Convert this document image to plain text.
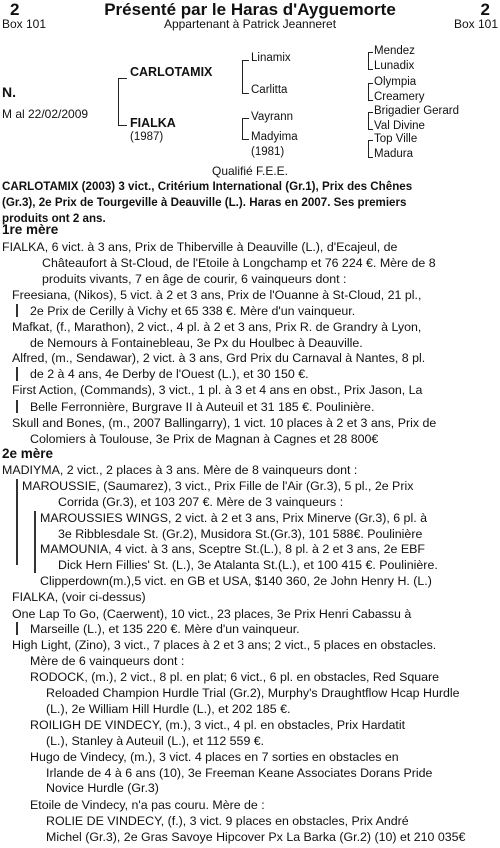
2	Présenté par le Haras d'Ayguemorte	2
Box 101	Appartenant à Patrick Jeanneret	Box 101
N.
M al 22/02/2009
CARLOTAMIX
FIALKA
(1987)
Linamix
Carlitta
Vayrann
Madyima
(1981)
Mendez
Lunadix
Olympia
Creamery
Brigadier Gerard
Val Divine
Top Ville
Madura
Qualifié F.E.E.

CARLOTAMIX (2003) 3 vict., Critérium International (Gr.1), Prix des Chênes

(Gr.3), 2e Prix de Tourgeville à Deauville (L.). Haras en 2007. Ses premiers

produits ont 2 ans.

1re mère

FIALKA, 6 vict. à 3 ans, Prix de Thiberville à Deauville (L.), d'Ecajeul, de

Châteaufort à St-Cloud, de l'Etoile à Longchamp et 76 224 €. Mère de 8

produits vivants, 7 en âge de courir, 6 vainqueurs dont :

Freesiana, (Nikos), 5 vict. à 2 et 3 ans, Prix de l'Ouanne à St-Cloud, 21 pl.,

2e Prix de Cerilly à Vichy et 65 338 €. Mère d'un vainqueur.

Mafkat, (f., Marathon), 2 vict., 4 pl. à 2 et 3 ans, Prix R. de Grandry à Lyon,

de Nemours à Fontainebleau, 3e Px du Houlbec à Deauville.

Alfred, (m., Sendawar), 2 vict. à 3 ans, Grd Prix du Carnaval à Nantes, 8 pl.

de 2 à 4 ans, 4e Derby de l'Ouest (L.), et 30 150 €.

First Action, (Commands), 3 vict., 1 pl. à 3 et 4 ans en obst., Prix Jason, La

Belle Ferronnière, Burgrave II à Auteuil et 31 185 €. Poulinière.

Skull and Bones, (m., 2007 Ballingarry), 1 vict. 10 places à 2 et 3 ans, Prix de

Colomiers à Toulouse, 3e Prix de Magnan à Cagnes et 28 800€

2e mère

MADIYMA, 2 vict., 2 places à 3 ans. Mère de 8 vainqueurs dont :

MAROUSSIE, (Saumarez), 3 vict., Prix Fille de l'Air (Gr.3), 5 pl., 2e Prix

Corrida (Gr.3), et 103 207 €. Mère de 3 vainqueurs :

MAROUSSIES WINGS, 2 vict. à 2 et 3 ans, Prix Minerve (Gr.3), 6 pl. à

3e Ribblesdale St. (Gr.2), Musidora St.(Gr.3), 101 588€. Poulinière

MAMOUNIA, 4 vict. à 3 ans, Sceptre St.(L.), 8 pl. à 2 et 3 ans, 2e EBF

Dick Hern Fillies' St. (L.), 3e Atalanta St.(L.), et 100 415 €. Poulinière.

Clipperdown(m.),5 vict. en GB et USA, $140 360, 2e John Henry H. (L.)

FIALKA, (voir ci-dessus)

One Lap To Go, (Caerwent), 10 vict., 23 places, 3e Prix Henri Cabassu à

Marseille (L.), et 135 220 €. Mère d'un vainqueur.

High Light, (Zino), 3 vict., 7 places à 2 et 3 ans; 2 vict., 5 places en obstacles.

Mère de 6 vainqueurs dont :

RODOCK, (m.), 2 vict., 8 pl. en plat; 6 vict., 6 pl. en obstacles, Red Square

Reloaded Champion Hurdle Trial (Gr.2), Murphy's Draughtflow Hcap Hurdle

(L.), 2e William Hill Hurdle (L.), et 202 185 €.

ROILIGH DE VINDECY, (m.), 3 vict., 4 pl. en obstacles, Prix Hardatit

(L.), Stanley à Auteuil (L.), et 112 559 €.

Hugo de Vindecy, (m.), 3 vict. 4 places en 7 sorties en obstacles en

Irlande de 4 à 6 ans (10), 3e Freeman Keane Associates Dorans Pride

Novice Hurdle (Gr.3)

Etoile de Vindecy, n'a pas couru. Mère de :

ROLIE DE VINDECY, (f.), 3 vict. 9 places en obstacles, Prix André

Michel (Gr.3), 2e Gras Savoye Hipcover Px La Barka (Gr.2) (10) et 210 035€
